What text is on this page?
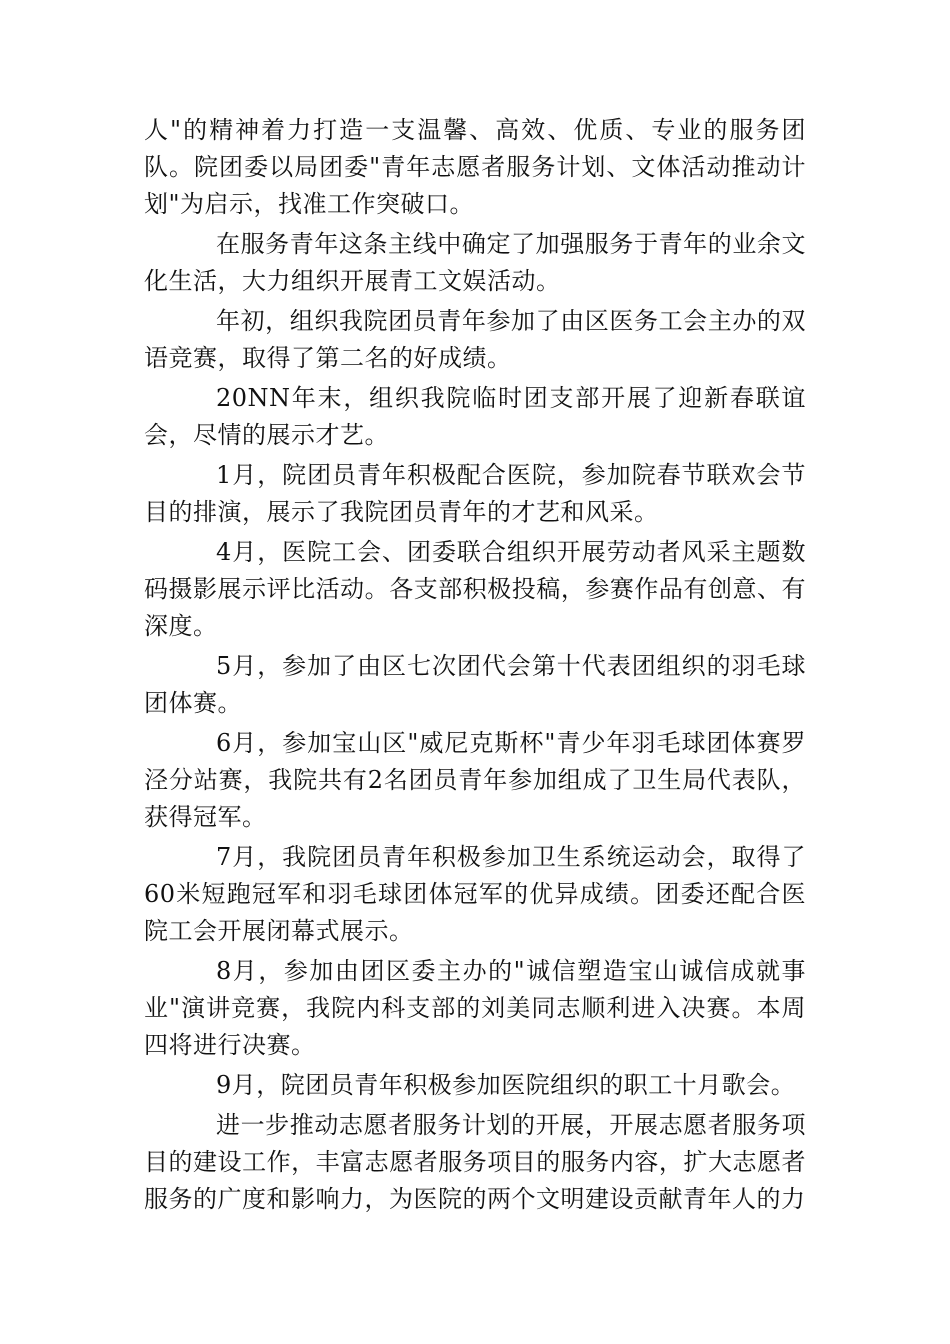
人"的精神着力打造一支温馨、高效、优质、专业的服务团队。院团委以局团委"青年志愿者服务计划、文体活动推动计划"为启示，找准工作突破口。

在服务青年这条主线中确定了加强服务于青年的业余文化生活，大力组织开展青工文娱活动。

年初，组织我院团员青年参加了由区医务工会主办的双语竞赛，取得了第二名的好成绩。

20NN年末，组织我院临时团支部开展了迎新春联谊会，尽情的展示才艺。

1月，院团员青年积极配合医院，参加院春节联欢会节目的排演，展示了我院团员青年的才艺和风采。

4月，医院工会、团委联合组织开展劳动者风采主题数码摄影展示评比活动。各支部积极投稿，参赛作品有创意、有深度。

5月，参加了由区七次团代会第十代表团组织的羽毛球团体赛。

6月，参加宝山区"威尼克斯杯"青少年羽毛球团体赛罗泾分站赛，我院共有2名团员青年参加组成了卫生局代表队，获得冠军。

7月，我院团员青年积极参加卫生系统运动会，取得了60米短跑冠军和羽毛球团体冠军的优异成绩。团委还配合医院工会开展闭幕式展示。

8月，参加由团区委主办的"诚信塑造宝山诚信成就事业"演讲竞赛，我院内科支部的刘美同志顺利进入决赛。本周四将进行决赛。

9月，院团员青年积极参加医院组织的职工十月歌会。

进一步推动志愿者服务计划的开展，开展志愿者服务项目的建设工作，丰富志愿者服务项目的服务内容，扩大志愿者服务的广度和影响力，为医院的两个文明建设贡献青年人的力
